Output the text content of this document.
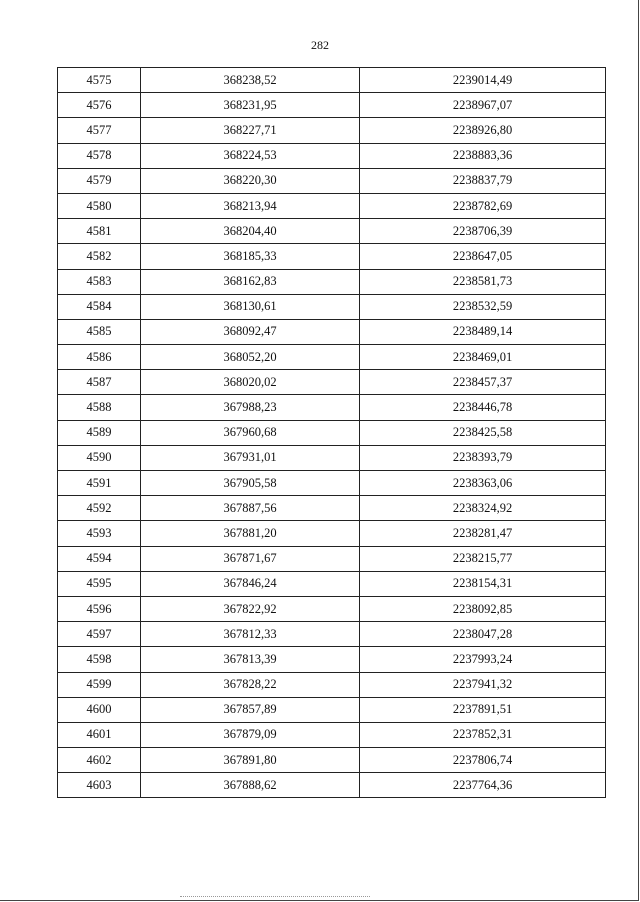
282
4575	368238,52	2239014,49
4576	368231,95	2238967,07
4577	368227,71	2238926,80
4578	368224,53	2238883,36
4579	368220,30	2238837,79
4580	368213,94	2238782,69
4581	368204,40	2238706,39
4582	368185,33	2238647,05
4583	368162,83	2238581,73
4584	368130,61	2238532,59
4585	368092,47	2238489,14
4586	368052,20	2238469,01
4587	368020,02	2238457,37
4588	367988,23	2238446,78
4589	367960,68	2238425,58
4590	367931,01	2238393,79
4591	367905,58	2238363,06
4592	367887,56	2238324,92
4593	367881,20	2238281,47
4594	367871,67	2238215,77
4595	367846,24	2238154,31
4596	367822,92	2238092,85
4597	367812,33	2238047,28
4598	367813,39	2237993,24
4599	367828,22	2237941,32
4600	367857,89	2237891,51
4601	367879,09	2237852,31
4602	367891,80	2237806,74
4603	367888,62	2237764,36
